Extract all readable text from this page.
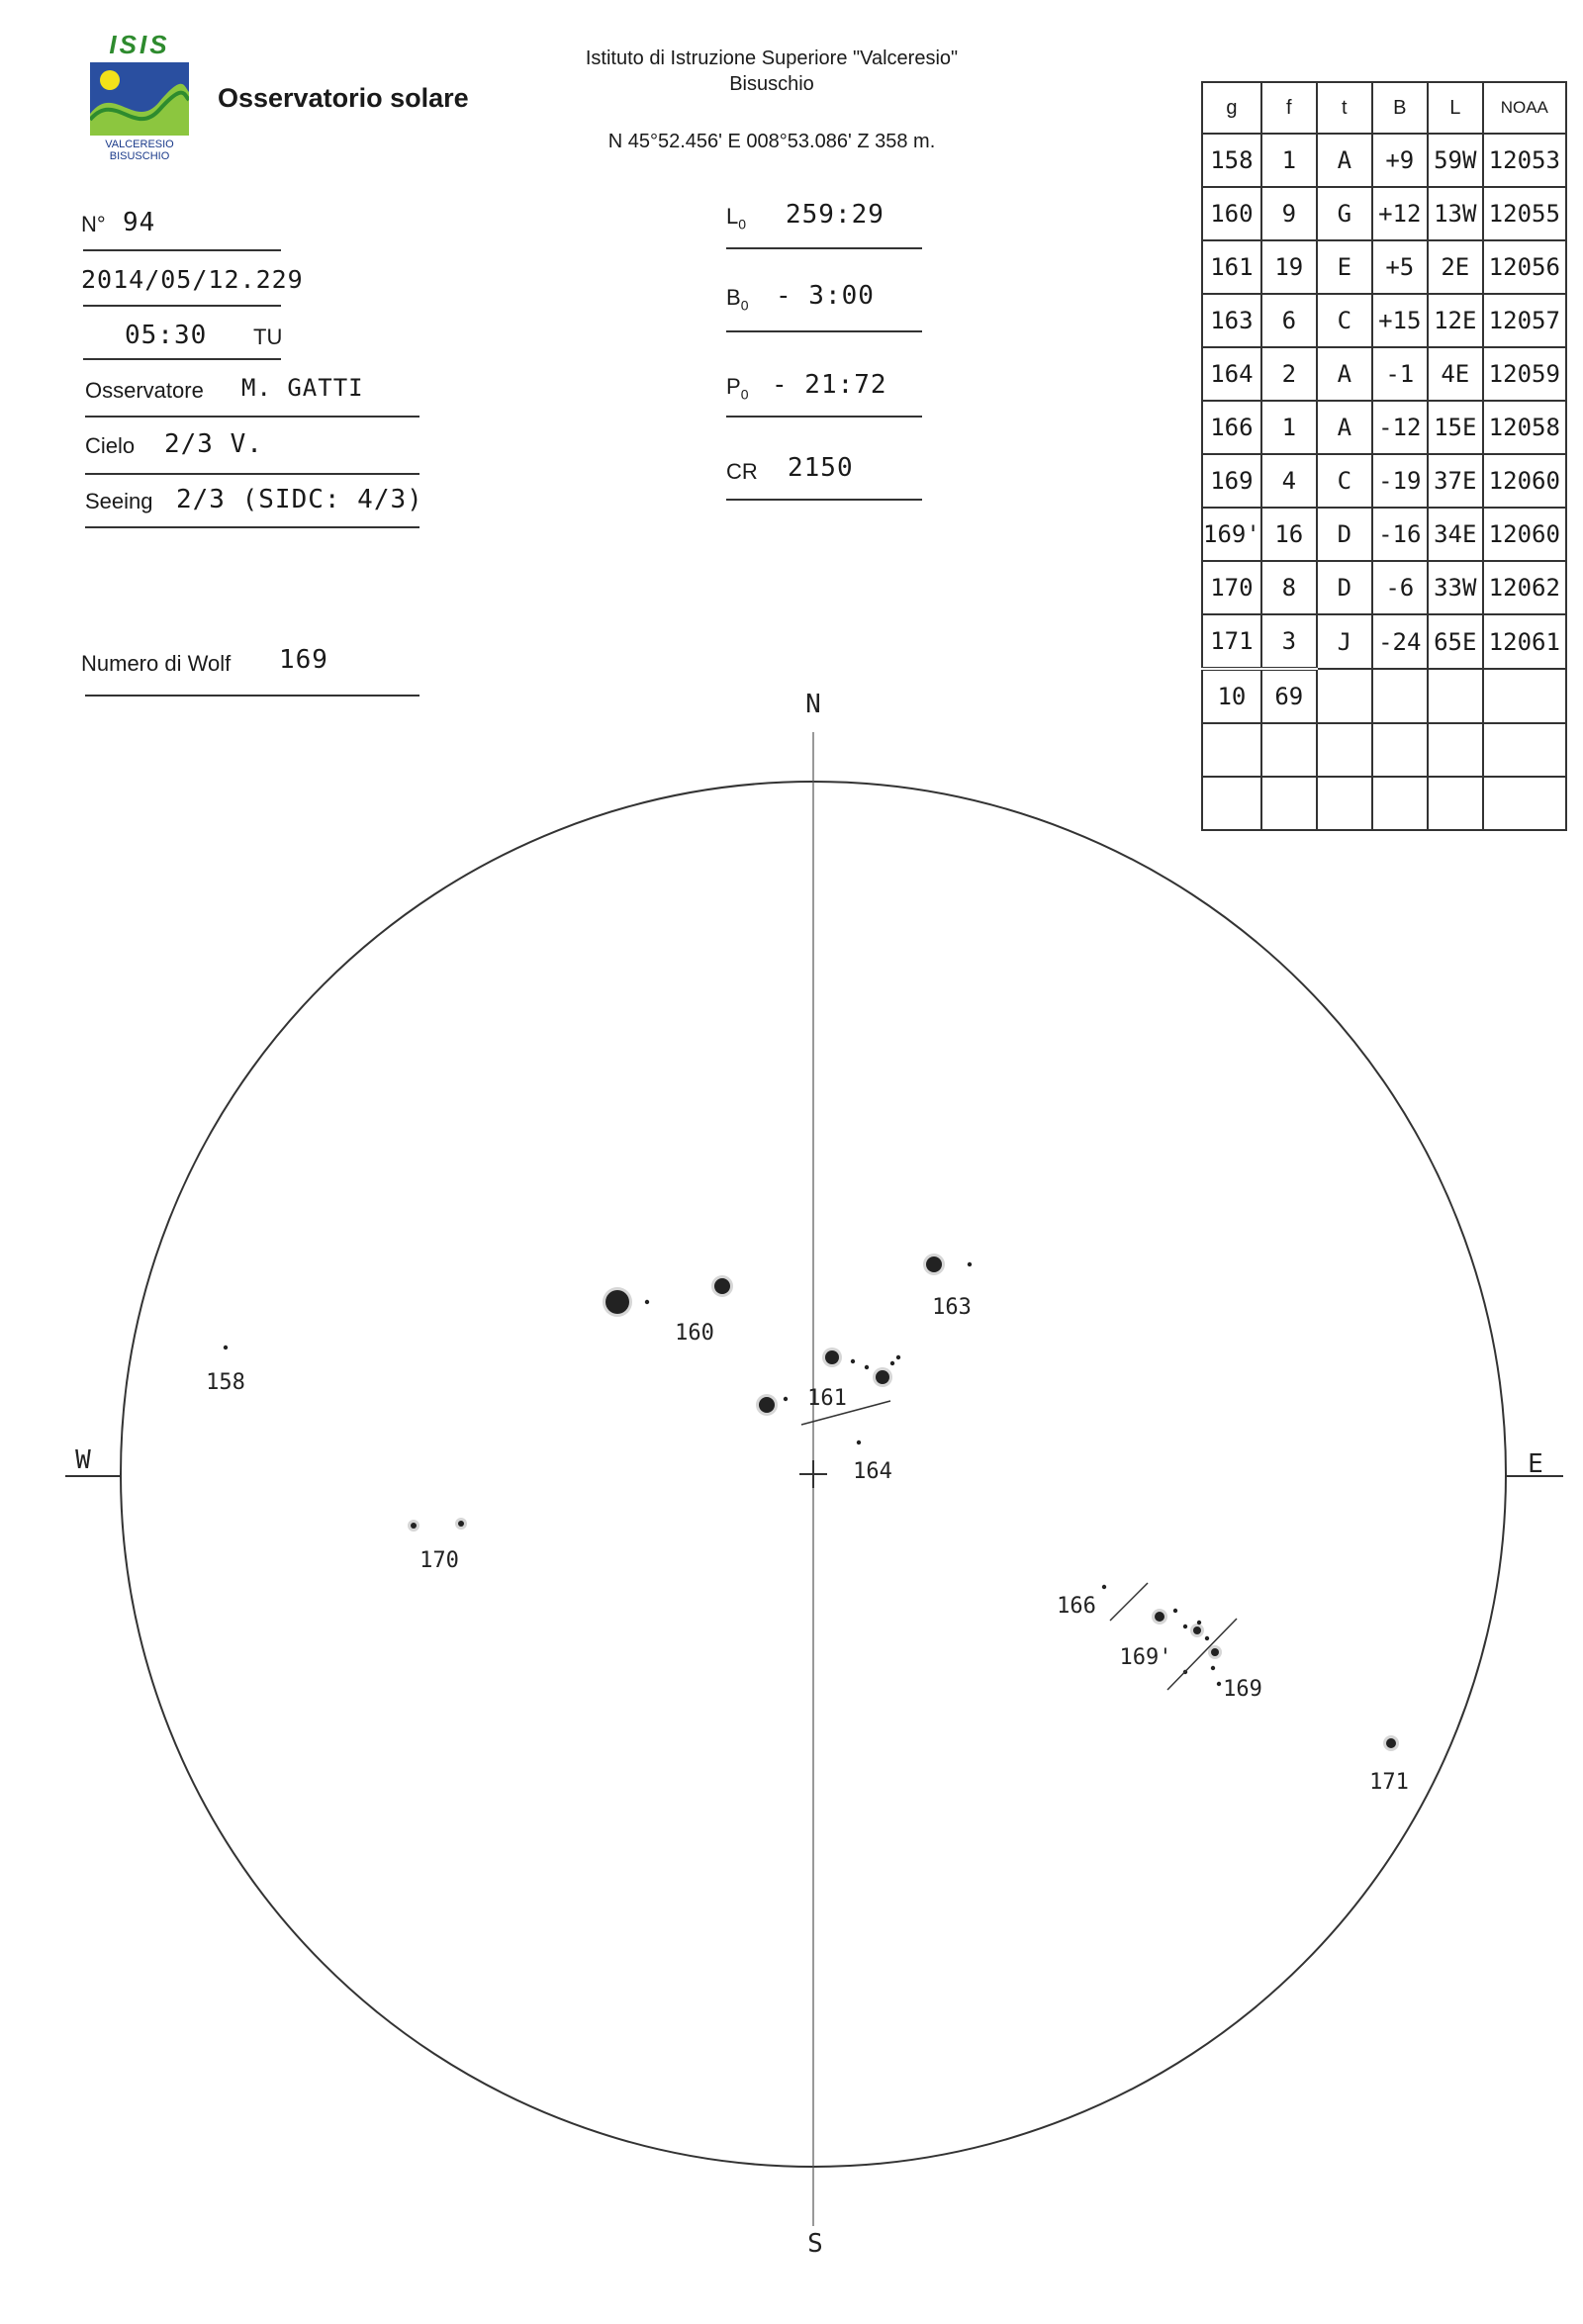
ISIS
VALCERESIO
BISUSCHIO
Osservatorio solare
Istituto di Istruzione Superiore "Valceresio"
Bisuschio
N 45°52.456' E 008°53.086' Z 358 m.
N° 94
2014/05/12.229
05:30 TU
Osservatore M. GATTI
Cielo 2/3 V.
Seeing 2/3 (SIDC: 4/3)
Numero di Wolf 169
$L_0$ 259:29
$B_0$ - 3:00
$P_0$ - 21:72
CR 2150
g	f	t	B	L	NOAA
158	1	A	+9	59W	12053
160	9	G	+12	13W	12055
161	19	E	+5	2E	12056
163	6	C	+15	12E	12057
164	2	A	-1	4E	12059
166	1	A	-12	15E	12058
169	4	C	-19	37E	12060
169'	16	D	-16	34E	12060
170	8	D	-6	33W	12062
171	3	J	-24	65E	12061
10	69				

N
S
W	E
158
160
161
163
164
166
169'
169
170
171
